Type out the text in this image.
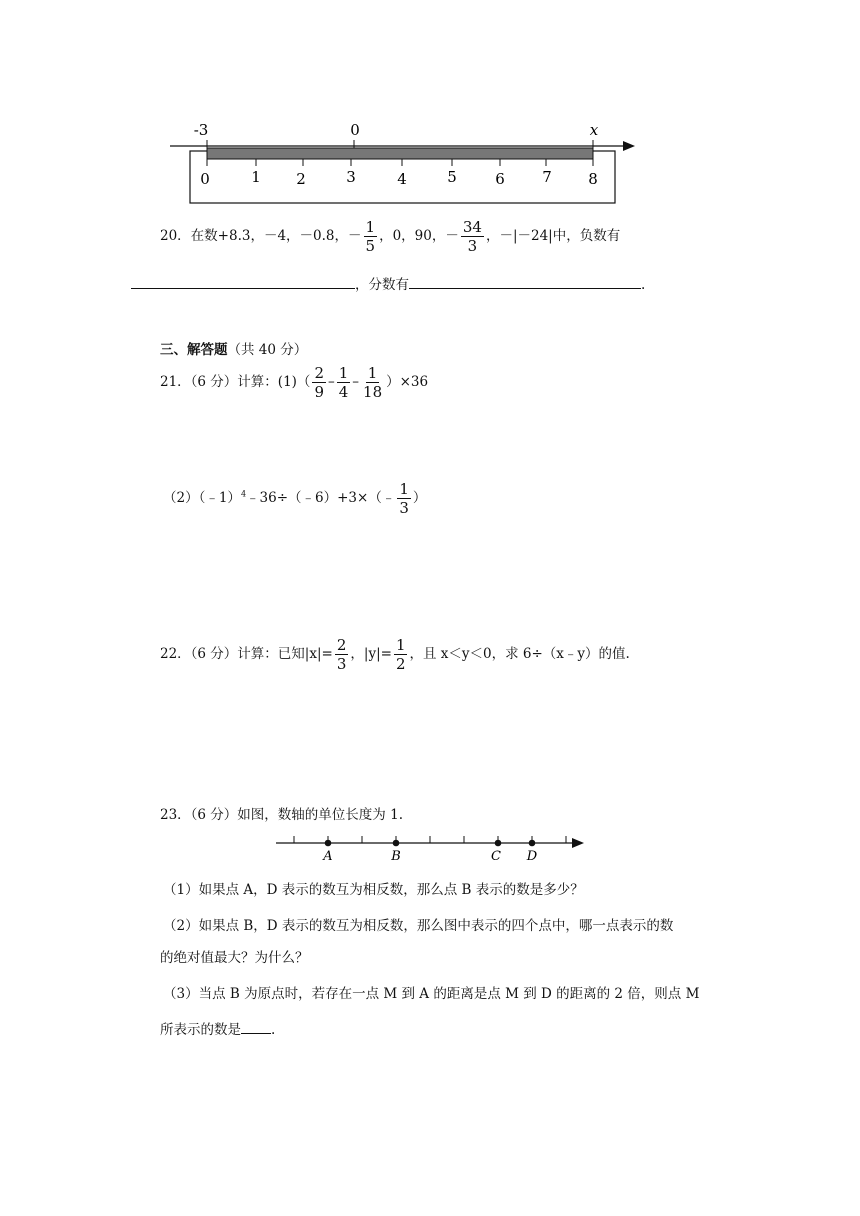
-3	0	x
0	1 2	3	4	5	6 7 8
20．在数+8.3，－4，－0.8，－ $\frac{1}{5}$ ，0，90，－ $\frac{34}{3}$ ，－|－24|中，负数有
，分数有	.
三、解答题（共 40 分）
21．（6 分）计算：$(1)( \frac{2}{9} - \frac{1}{4} - \frac{1}{18} )\times 36$
（2）（﹣1）$^4$﹣36÷（﹣6）+3×（﹣ $\frac{1}{3}$ ）
22．（6 分）计算：已知$|x|= \frac{2}{3}$ ，$|y|= \frac{1}{2}$ ，且 x＜y＜0，求 6÷（x﹣y）的值.
23．（6 分）如图，数轴的单位长度为 1.
A	B	C D
（1）如果点 A，D 表示的数互为相反数，那么点 B 表示的数是多少？
（2）如果点 B，D 表示的数互为相反数，那么图中表示的四个点中，哪一点表示的数
的绝对值最大？为什么？
（3）当点 B 为原点时，若存在一点 M 到 A 的距离是点 M 到 D 的距离的 2 倍，则点 M
所表示的数是 .
